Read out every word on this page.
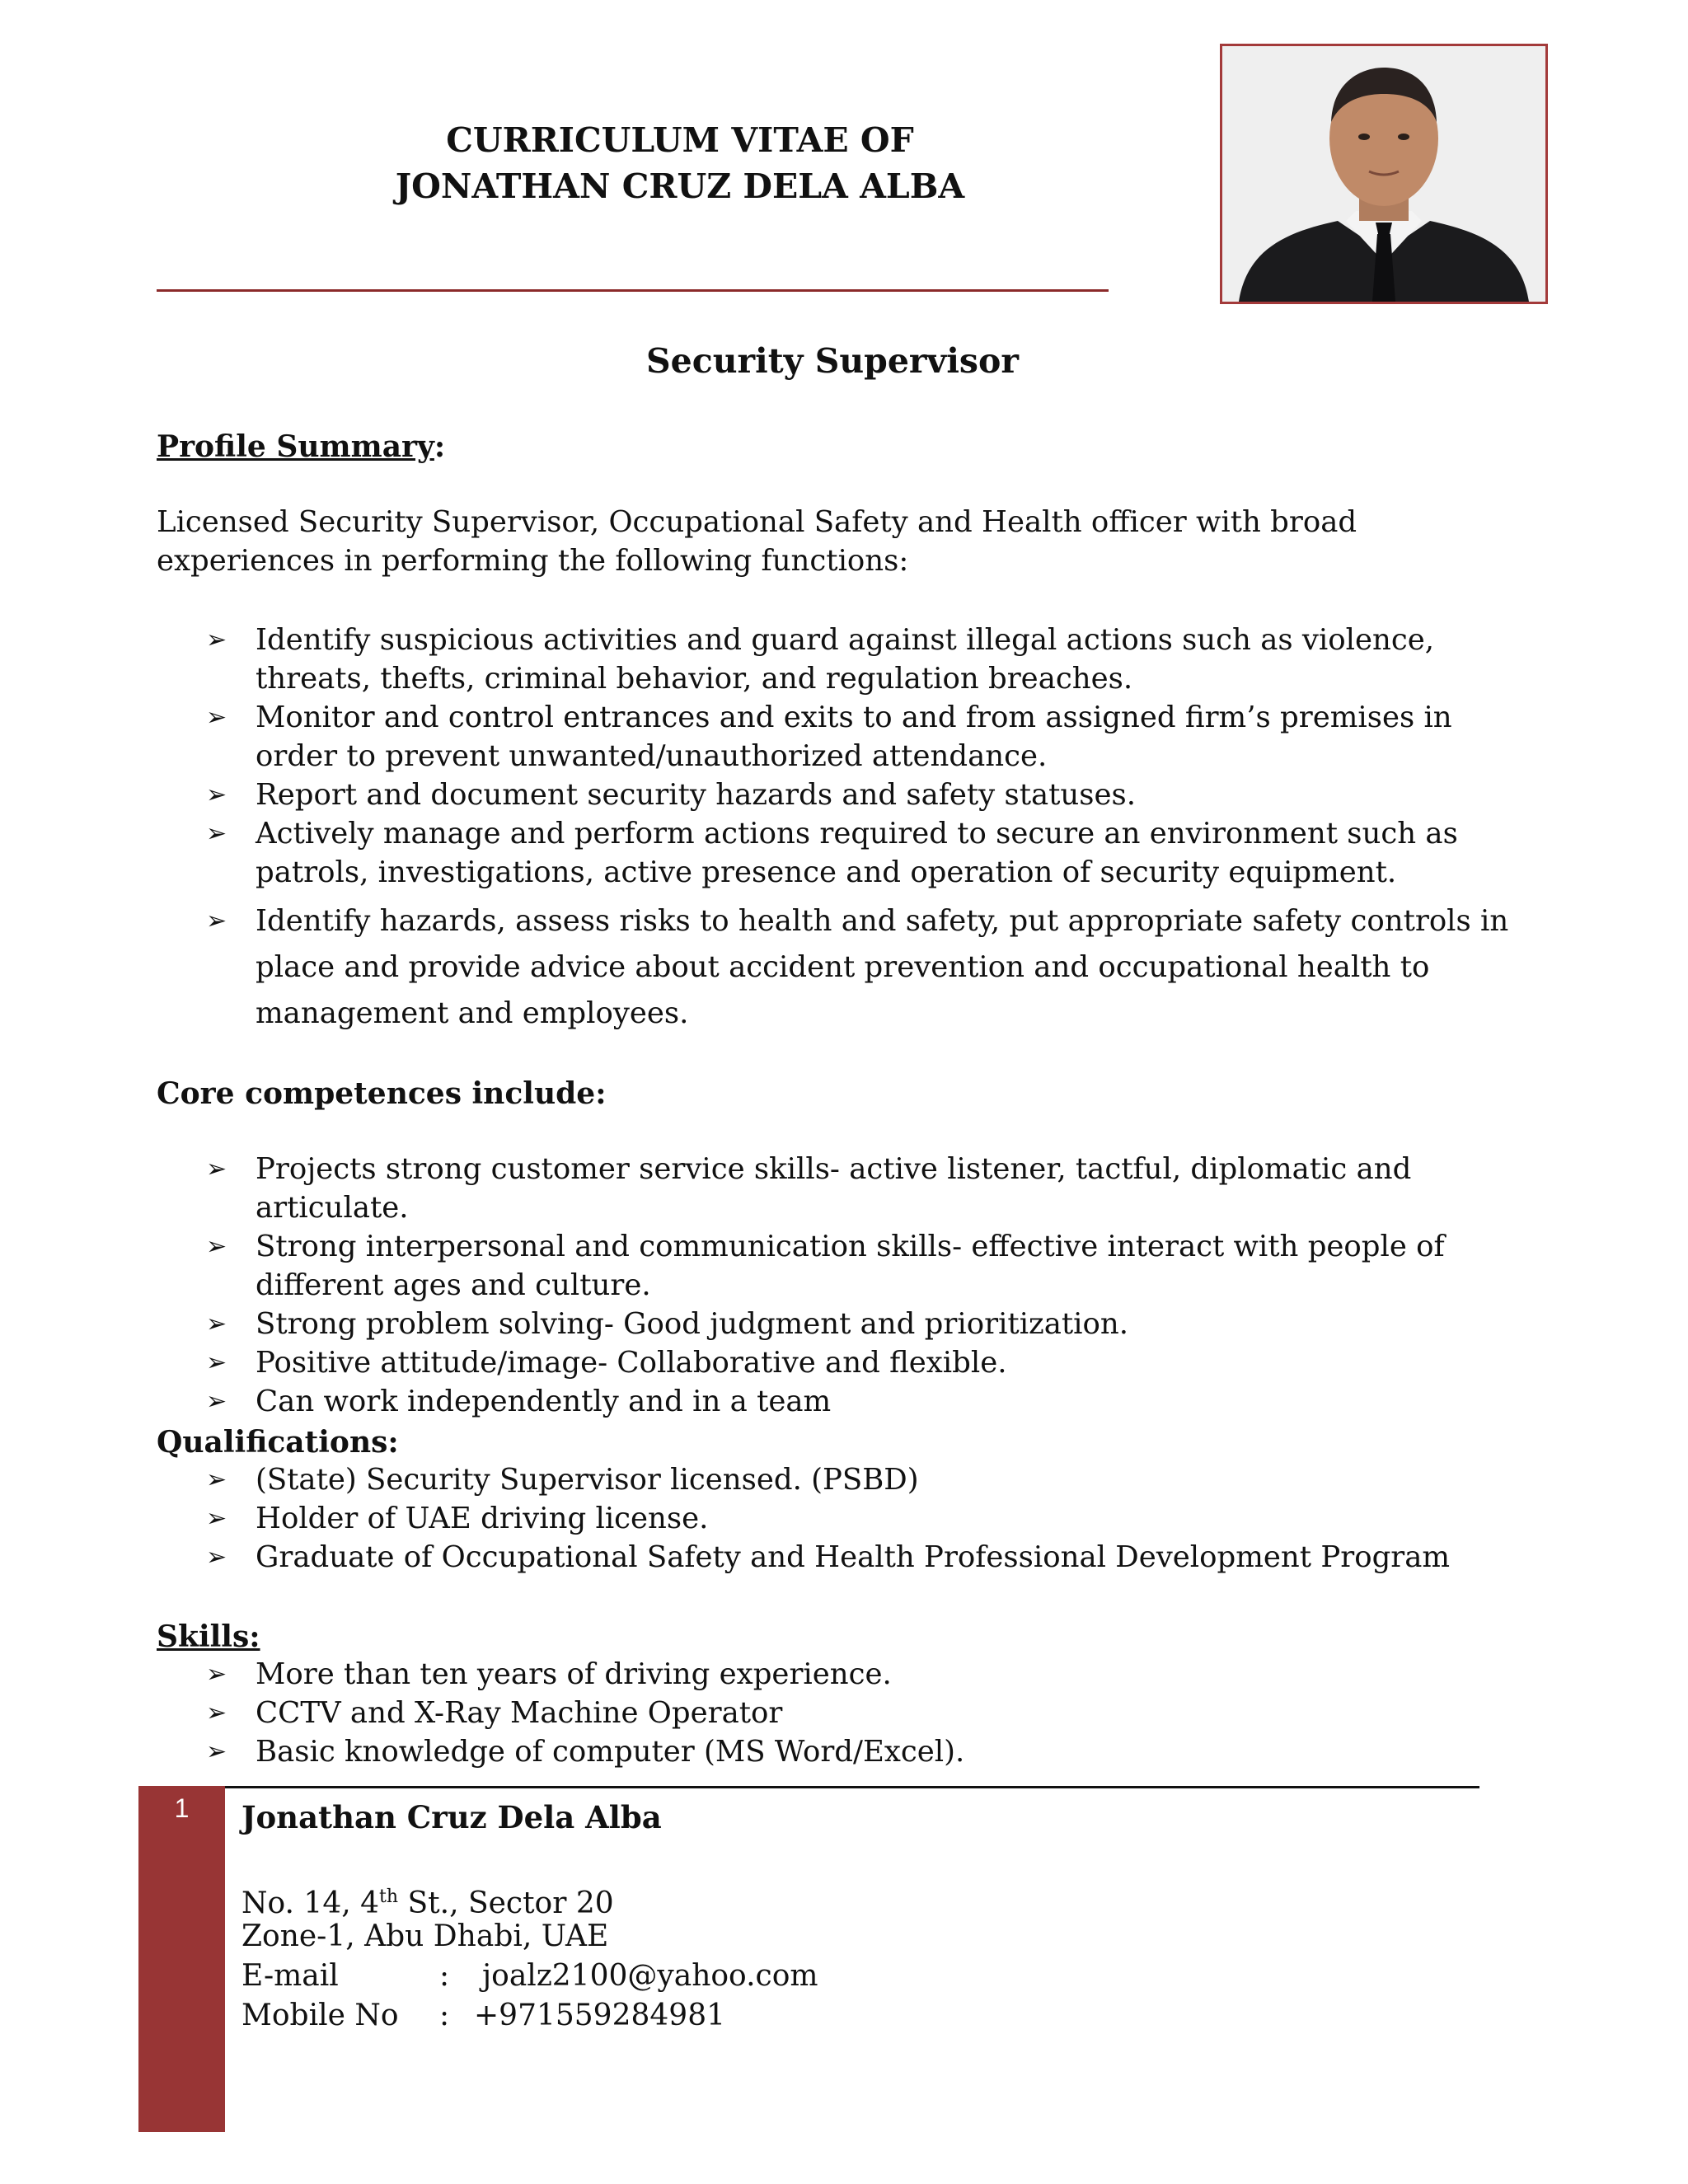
CURRICULUM VITAE OF
JONATHAN CRUZ DELA ALBA
Security Supervisor
Profile Summary:
Licensed Security Supervisor, Occupational Safety and Health officer with broad experiences in performing the following functions:
➢ Identify suspicious activities and guard against illegal actions such as violence, threats, thefts, criminal behavior, and regulation breaches.
➢ Monitor and control entrances and exits to and from assigned firm’s premises in order to prevent unwanted/unauthorized attendance.
➢ Report and document security hazards and safety statuses.
➢ Actively manage and perform actions required to secure an environment such as patrols, investigations, active presence and operation of security equipment.
➢ Identify hazards, assess risks to health and safety, put appropriate safety controls in place and provide advice about accident prevention and occupational health to management and employees.
Core competences include:
➢ Projects strong customer service skills- active listener, tactful, diplomatic and articulate.
➢ Strong interpersonal and communication skills- effective interact with people of different ages and culture.
➢ Strong problem solving- Good judgment and prioritization.
➢ Positive attitude/image- Collaborative and flexible.
➢ Can work independently and in a team
Qualifications:
➢ (State) Security Supervisor licensed. (PSBD)
➢ Holder of UAE driving license.
➢ Graduate of Occupational Safety and Health Professional Development Program
Skills:
➢ More than ten years of driving experience.
➢ CCTV and X-Ray Machine Operator
➢ Basic knowledge of computer (MS Word/Excel).
1	Jonathan Cruz Dela Alba
No. 14, 4th St., Sector 20
Zone-1, Abu Dhabi, UAE
E-mail	: joalz2100@yahoo.com
Mobile No : +971559284981
